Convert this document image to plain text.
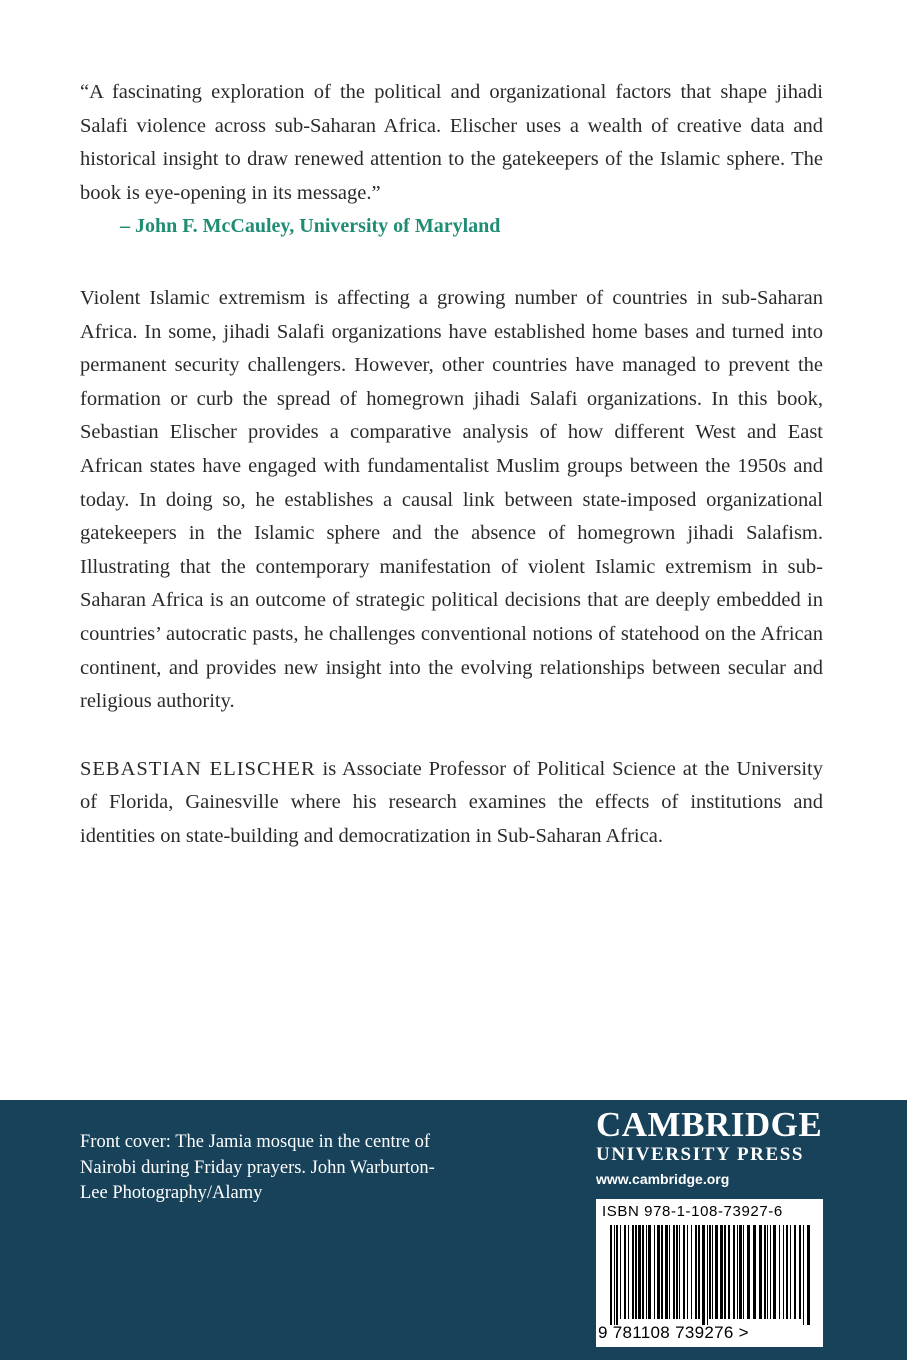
“A fascinating exploration of the political and organizational factors that shape jihadi Salafi violence across sub-Saharan Africa. Elischer uses a wealth of creative data and historical insight to draw renewed attention to the gatekeepers of the Islamic sphere. The book is eye-opening in its message.”

– John F. McCauley, University of Maryland

Violent Islamic extremism is affecting a growing number of countries in sub-Saharan Africa. In some, jihadi Salafi organizations have established home bases and turned into permanent security challengers. However, other countries have managed to prevent the formation or curb the spread of homegrown jihadi Salafi organizations. In this book, Sebastian Elischer provides a comparative analysis of how different West and East African states have engaged with fundamentalist Muslim groups between the 1950s and today. In doing so, he establishes a causal link between state-imposed organizational gatekeepers in the Islamic sphere and the absence of homegrown jihadi Salafism. Illustrating that the contemporary manifestation of violent Islamic extremism in sub-Saharan Africa is an outcome of strategic political decisions that are deeply embedded in countries’ autocratic pasts, he challenges conventional notions of statehood on the African continent, and provides new insight into the evolving relationships between secular and religious authority.

SEBASTIAN ELISCHER is Associate Professor of Political Science at the University of Florida, Gainesville where his research examines the effects of institutions and identities on state-building and democratization in Sub-Saharan Africa.

Front cover: The Jamia mosque in the centre of Nairobi during Friday prayers. John Warburton-Lee Photography/Alamy
CAMBRIDGE
UNIVERSITY PRESS
www.cambridge.org
ISBN 978-1-108-73927-6
9 781108 739276 >
